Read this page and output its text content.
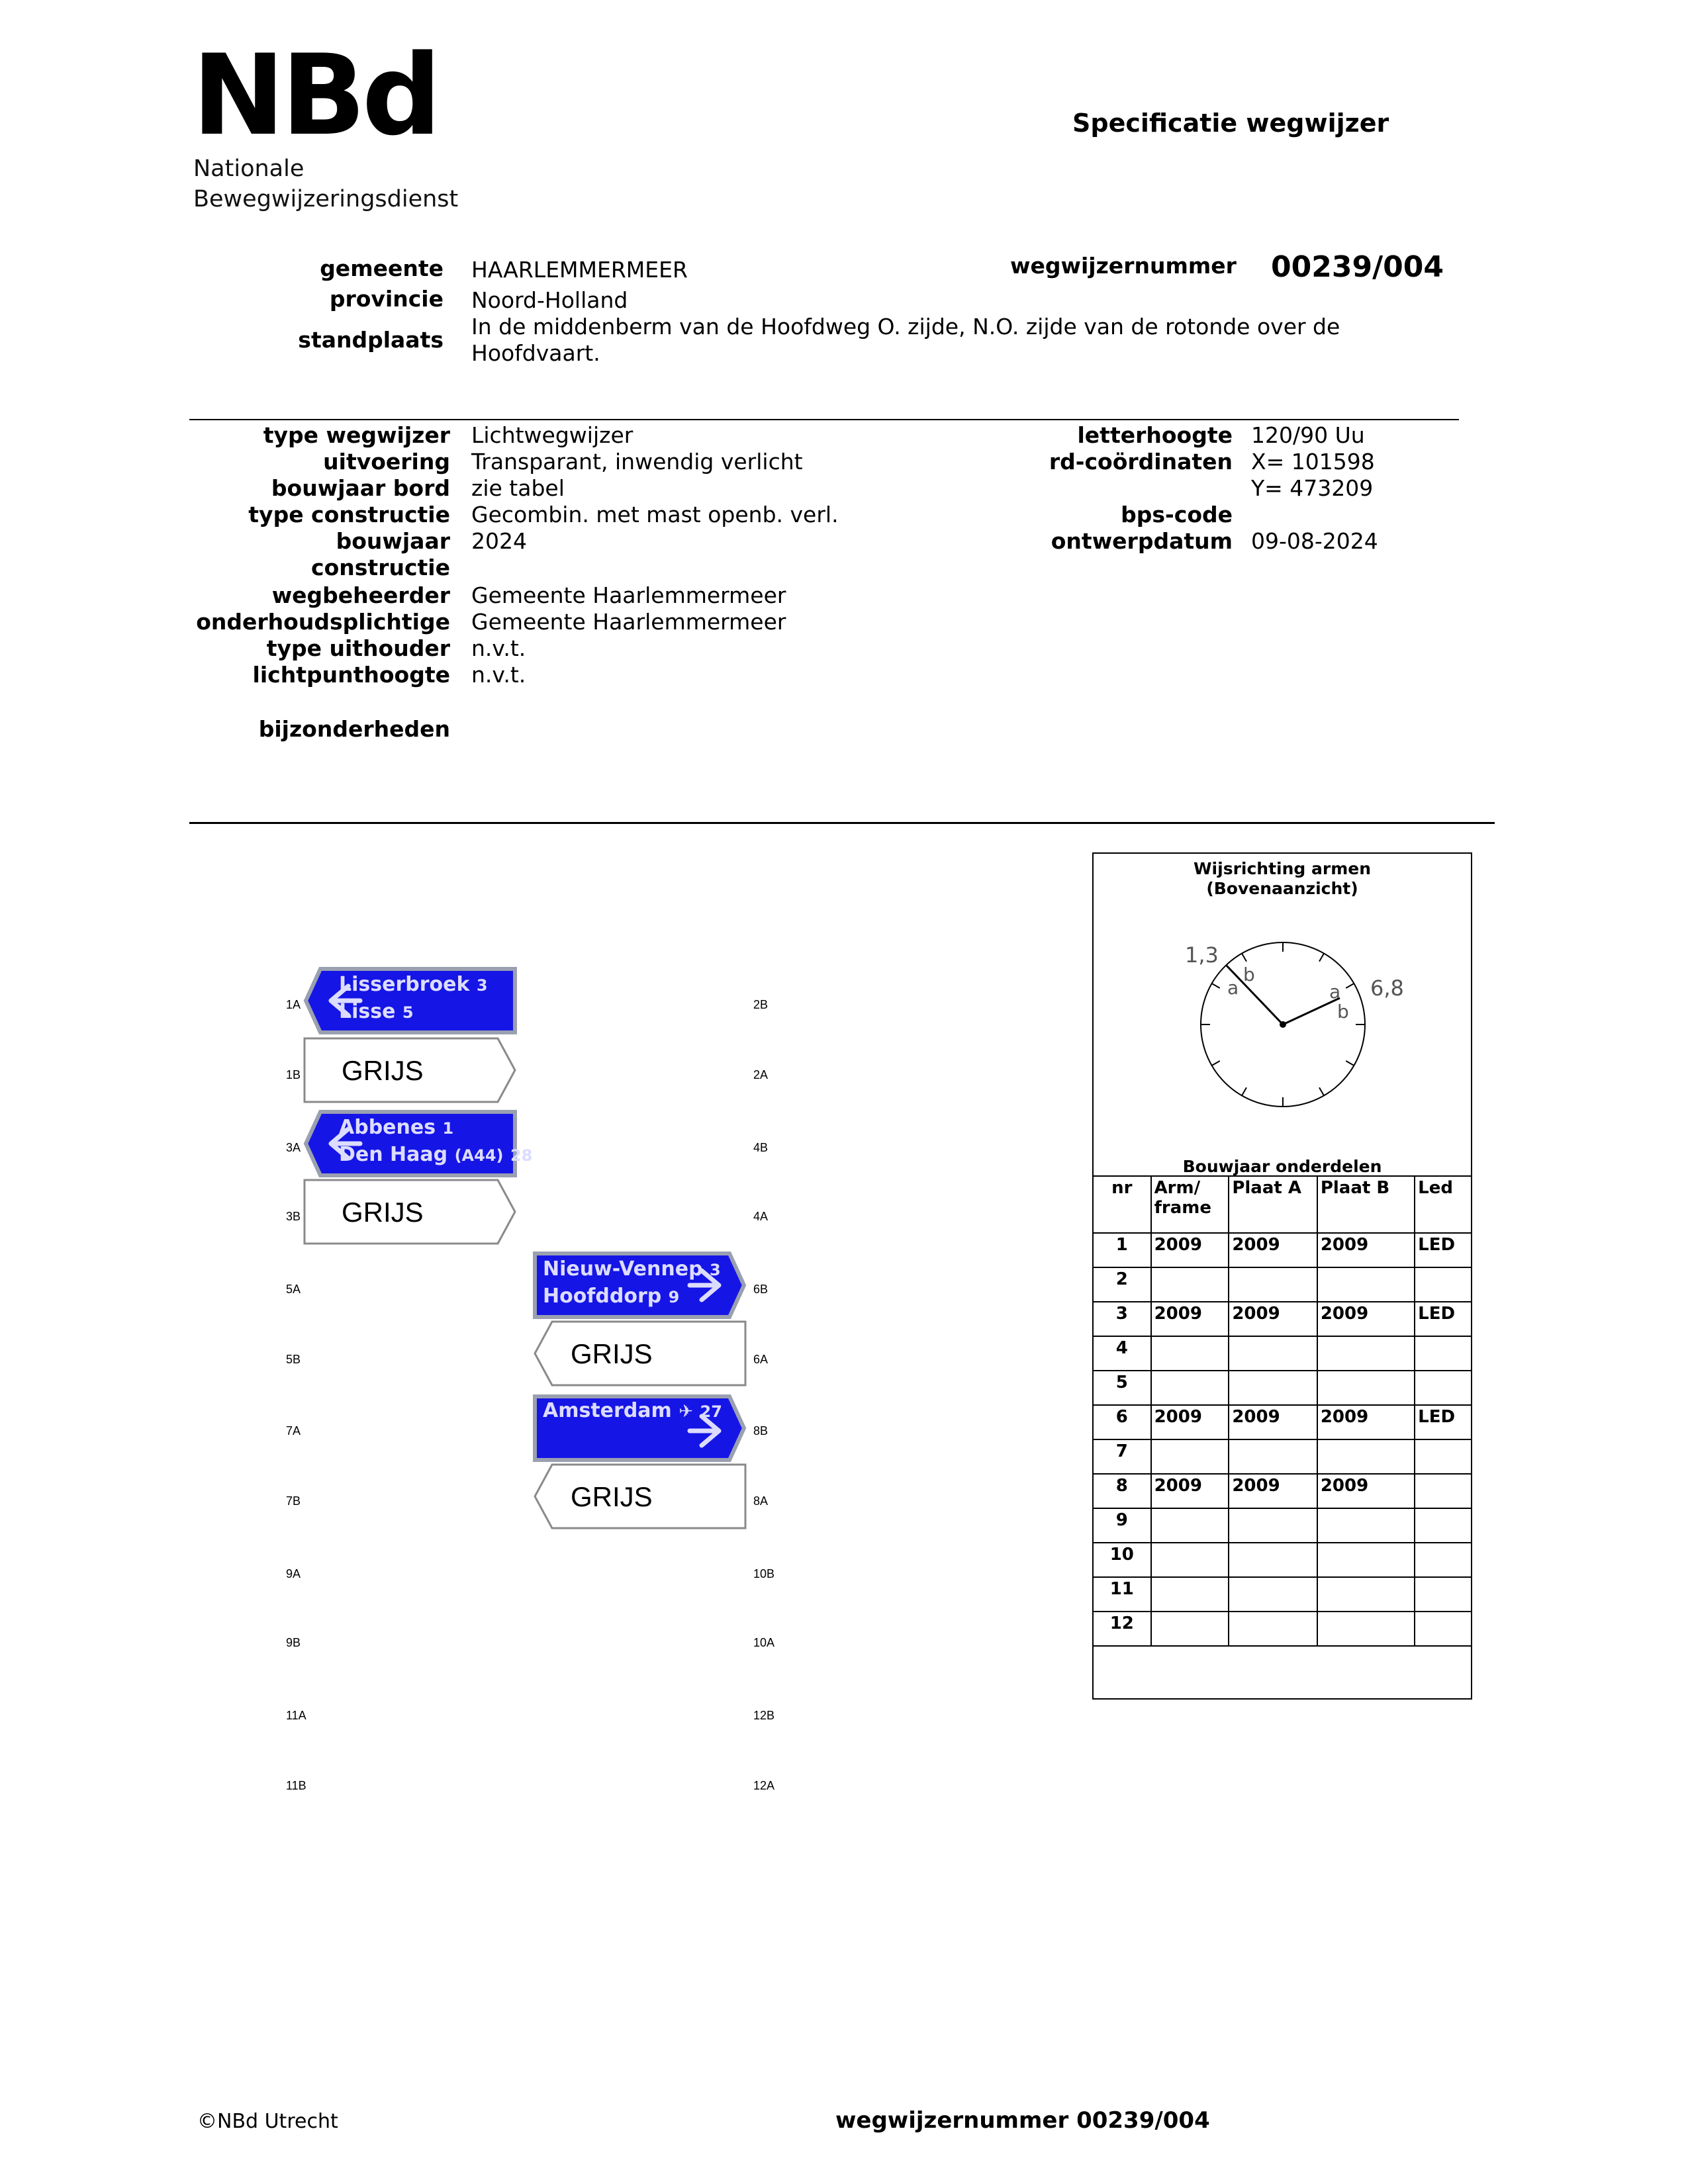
NBd
Nationale
Bewegwijzeringsdienst
Specificatie wegwijzer
gemeente HAARLEMMERMEER
provincie Noord-Holland
standplaats
In de middenberm van de Hoofdweg O. zijde, N.O. zijde van de rotonde over de
Hoofdvaart.
wegwijzernummer 00239/004
type wegwijzer Lichtwegwijzer
uitvoering Transparant, inwendig verlicht
bouwjaar bord zie tabel
type constructie Gecombin. met mast openb. verl.
bouwjaar
constructie
2024
wegbeheerder Gemeente Haarlemmermeer
onderhoudsplichtige Gemeente Haarlemmermeer
type uithouder n.v.t.
lichtpunthoogte n.v.t.
bijzonderheden
letterhoogte 120/90 Uu
rd-coördinaten X= 101598
Y= 473209
bps-code
ontwerpdatum 09-08-2024
1A
1B
2B
2A
3A
3B
4B
4A
5A
5B
6B
6A
7A
7B
8B
8A
9A
9B
10B
10A
11A
11B
12B
12A
Lisserbroek 3
Lisse 5
GRIJS
Abbenes 1
Den Haag (A44) 28
GRIJS
Nieuw-Vennep 3
Hoofddorp 9
GRIJS
Amsterdam ✈ 27
GRIJS
Wijsrichting armen
(Bovenaanzicht)
1,3
6,8
b
a	a
b
Bouwjaar onderdelen
nr	Arm/ frame	Plaat A	Plaat B	Led
1	2009	2009	2009	LED
2				
3	2009	2009	2009	LED
4				
5				
6	2009	2009	2009	LED
7				
8	2009	2009	2009	
9				
10				
11				
12				
©NBd Utrecht	wegwijzernummer 00239/004
